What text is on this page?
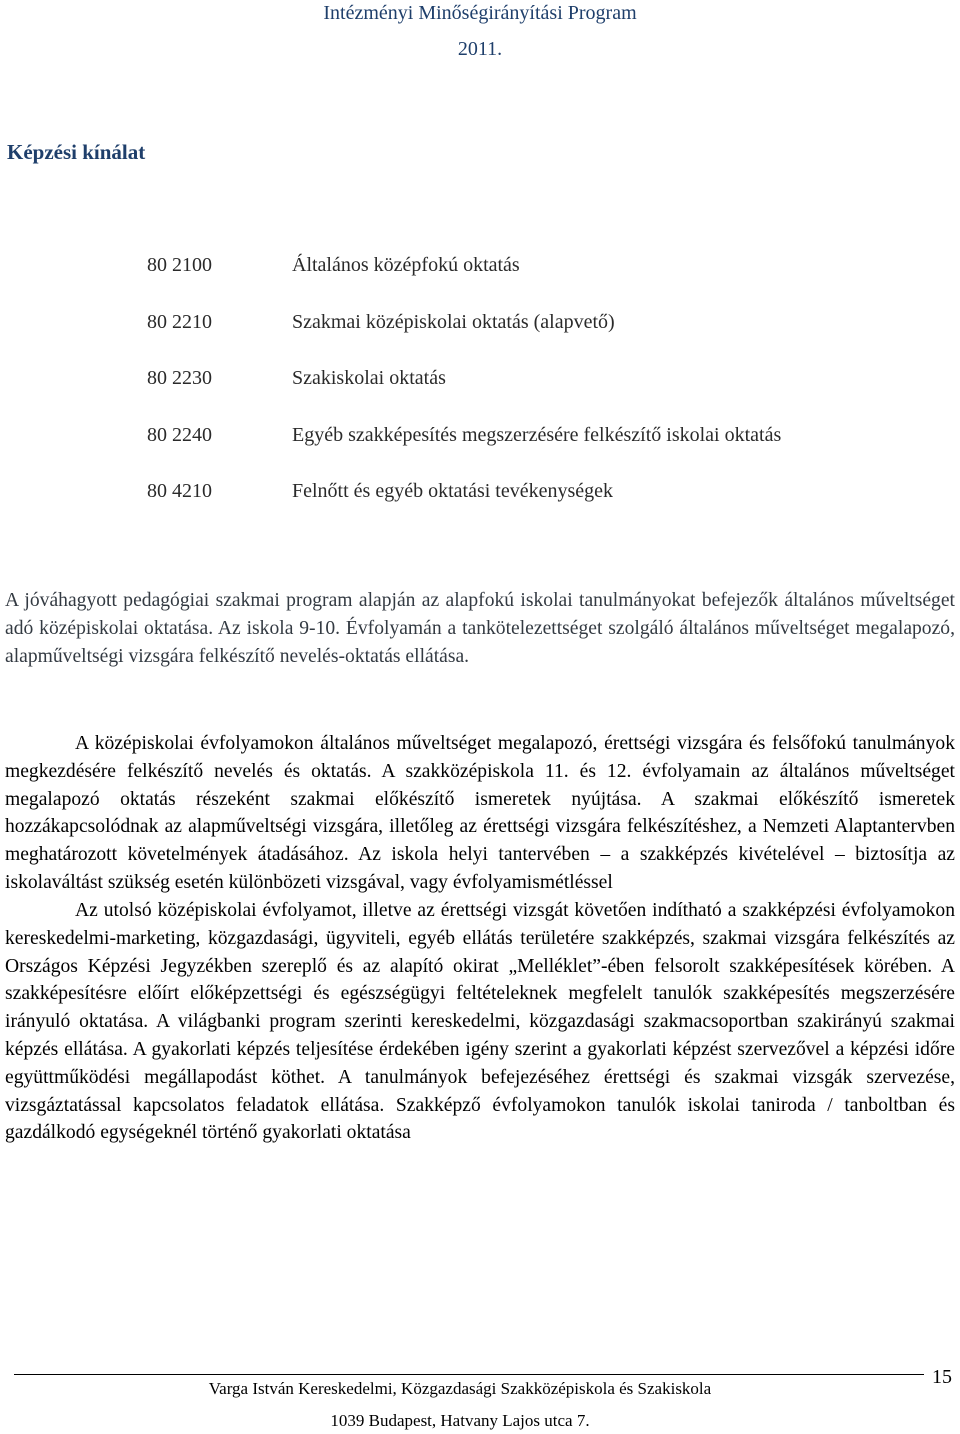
Intézményi Minőségirányítási Program
2011.
Képzési kínálat
80 2100	Általános középfokú oktatás
80 2210	Szakmai középiskolai oktatás (alapvető)
80 2230	Szakiskolai oktatás
80 2240	Egyéb szakképesítés megszerzésére felkészítő iskolai oktatás
80 4210	Felnőtt és egyéb oktatási tevékenységek

A jóváhagyott pedagógiai szakmai program alapján az alapfokú iskolai tanulmányokat befejezők általános műveltséget adó középiskolai oktatása. Az iskola 9-10. Évfolyamán a tankötelezettséget szolgáló általános műveltséget megalapozó, alapműveltségi vizsgára felkészítő nevelés-oktatás ellátása.

A középiskolai évfolyamokon általános műveltséget megalapozó, érettségi vizsgára és felsőfokú tanulmányok megkezdésére felkészítő nevelés és oktatás. A szakközépiskola 11. és 12. évfolyamain az általános műveltséget megalapozó oktatás részeként szakmai előkészítő ismeretek nyújtása. A szakmai előkészítő ismeretek hozzákapcsolódnak az alapműveltségi vizsgára, illetőleg az érettségi vizsgára felkészítéshez, a Nemzeti Alaptantervben meghatározott követelmények átadásához. Az iskola helyi tantervében – a szakképzés kivételével – biztosítja az iskolaváltást szükség esetén különbözeti vizsgával, vagy évfolyamismétléssel

Az utolsó középiskolai évfolyamot, illetve az érettségi vizsgát követően indítható a szakképzési évfolyamokon kereskedelmi-marketing, közgazdasági, ügyviteli, egyéb ellátás területére szakképzés, szakmai vizsgára felkészítés az Országos Képzési Jegyzékben szereplő és az alapító okirat „Melléklet”-ében felsorolt szakképesítések körében. A szakképesítésre előírt előképzettségi és egészségügyi feltételeknek megfelelt tanulók szakképesítés megszerzésére irányuló oktatása. A világbanki program szerinti kereskedelmi, közgazdasági szakmacsoportban szakirányú szakmai képzés ellátása. A gyakorlati képzés teljesítése érdekében igény szerint a gyakorlati képzést szervezővel a képzési időre együttműködési megállapodást köthet. A tanulmányok befejezéséhez érettségi és szakmai vizsgák szervezése, vizsgáztatással kapcsolatos feladatok ellátása. Szakképző évfolyamokon tanulók iskolai taniroda / tanboltban és gazdálkodó egységeknél történő gyakorlati oktatása

15
Varga István Kereskedelmi, Közgazdasági Szakközépiskola és Szakiskola
1039 Budapest, Hatvany Lajos utca 7.
